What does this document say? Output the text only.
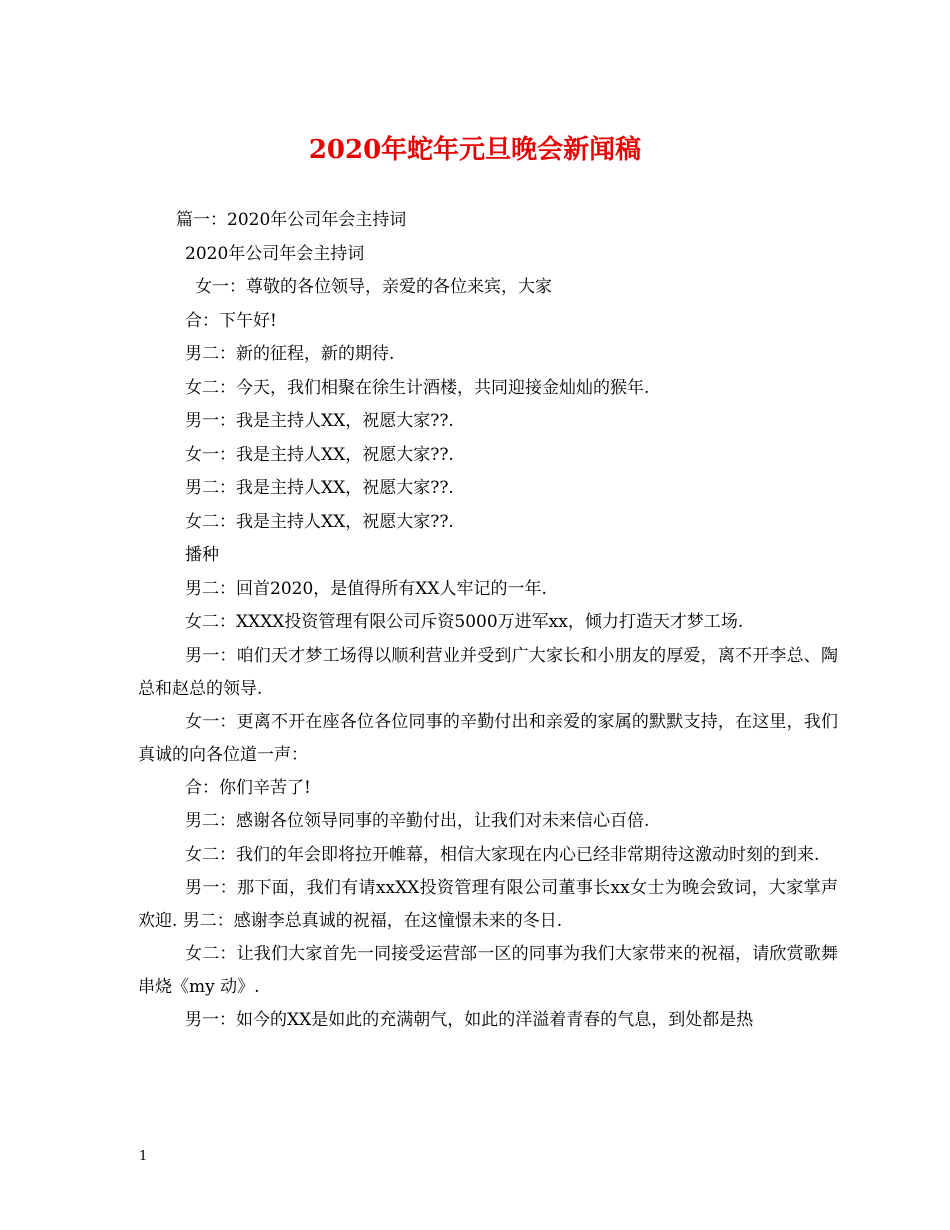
2020年蛇年元旦晚会新闻稿
篇一：2020年公司年会主持词
2020年公司年会主持词
女一：尊敬的各位领导，亲爱的各位来宾，大家
合：下午好!
男二：新的征程，新的期待.
女二：今天，我们相聚在徐生计酒楼，共同迎接金灿灿的猴年.
男一：我是主持人XX，祝愿大家??.
女一：我是主持人XX，祝愿大家??.
男二：我是主持人XX，祝愿大家??.
女二：我是主持人XX，祝愿大家??.
播种
男二：回首2020，是值得所有XX人牢记的一年.
女二：XXXX投资管理有限公司斥资5000万进军xx，倾力打造天才梦工场.
男一：咱们天才梦工场得以顺利营业并受到广大家长和小朋友的厚爱，离不开李总、陶总和赵总的领导.
女一：更离不开在座各位各位同事的辛勤付出和亲爱的家属的默默支持，在这里，我们真诚的向各位道一声：
合：你们辛苦了!
男二：感谢各位领导同事的辛勤付出，让我们对未来信心百倍.
女二：我们的年会即将拉开帷幕，相信大家现在内心已经非常期待这激动时刻的到来.
男一：那下面，我们有请xxXX投资管理有限公司董事长xx女士为晚会致词，大家掌声欢迎. 男二：感谢李总真诚的祝福，在这憧憬未来的冬日.
女二：让我们大家首先一同接受运营部一区的同事为我们大家带来的祝福，请欣赏歌舞串烧《my 动》.
男一：如今的XX是如此的充满朝气，如此的洋溢着青春的气息，到处都是热
1
